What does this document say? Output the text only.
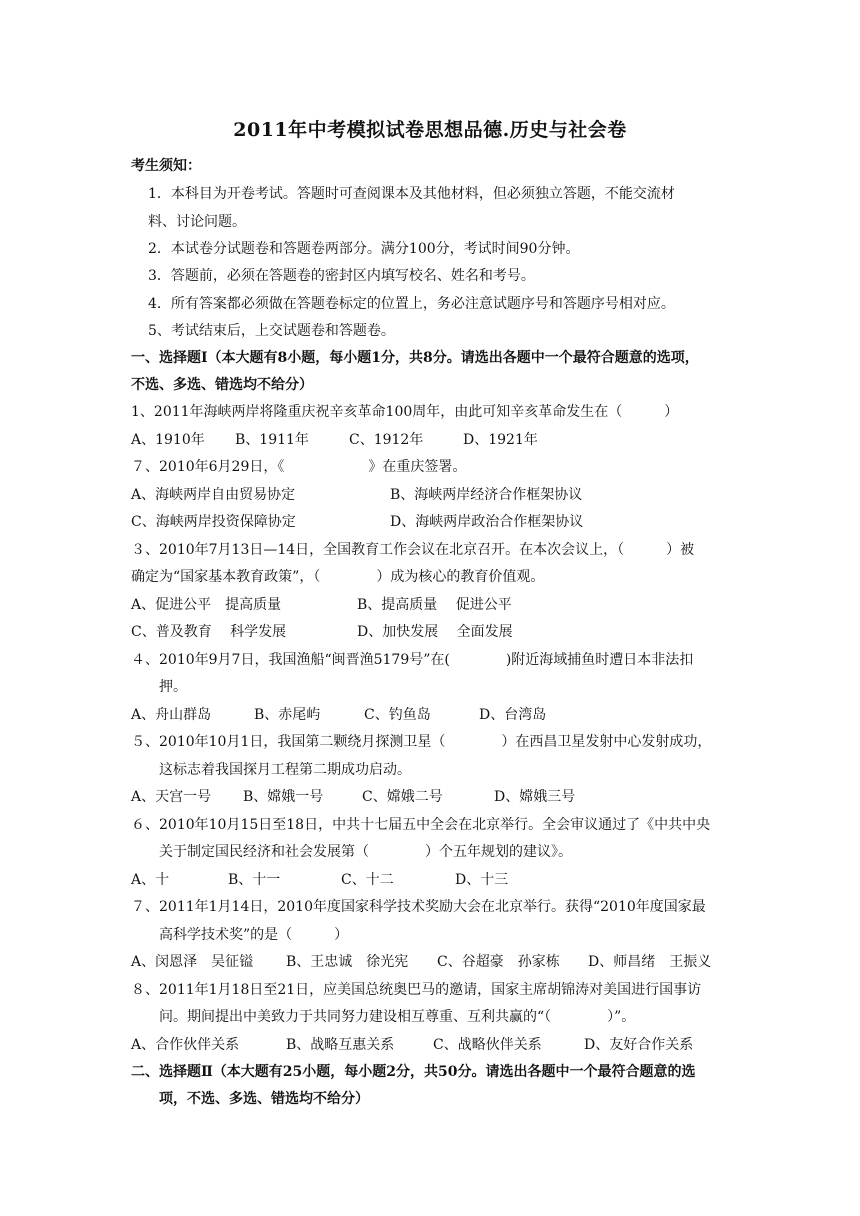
2011年中考模拟试卷思想品德.历史与社会卷
考生须知：
1．本科目为开卷考试。答题时可查阅课本及其他材料，但必须独立答题，不能交流材
料、讨论问题。
2．本试卷分试题卷和答题卷两部分。满分100分，考试时间90分钟。
3．答题前，必须在答题卷的密封区内填写校名、姓名和考号。
4．所有答案都必须做在答题卷标定的位置上，务必注意试题序号和答题序号相对应。
5、考试结束后，上交试题卷和答题卷。
一、选择题Ⅰ（本大题有8小题，每小题1分，共8分。请选出各题中一个最符合题意的选项，
不选、多选、错选均不给分）
1、2011年海峡两岸将隆重庆祝辛亥革命100周年，由此可知辛亥革命发生在（　　　）
A、1910年 B、1911年	C、1912年	D、1921年
７、2010年6月29日，《　　　　　　》在重庆签署。
A、海峡两岸自由贸易协定	B、海峡两岸经济合作框架协议
C、海峡两岸投资保障协定	D、海峡两岸政治合作框架协议
３、2010年7月13日—14日，全国教育工作会议在北京召开。在本次会议上，（　　　）被
确定为“国家基本教育政策”，（　　　　）成为核心的教育价值观。
A、促进公平　提高质量	B、提高质量　 促进公平
C、普及教育　 科学发展	D、加快发展　 全面发展
４、2010年9月7日，我国渔船“闽晋渔5179号”在(　　　　)附近海域捕鱼时遭日本非法扣
押。
A、舟山群岛	B、赤尾屿	C、钓鱼岛	D、台湾岛
５、2010年10月1日，我国第二颗绕月探测卫星（　　　　）在西昌卫星发射中心发射成功，
这标志着我国探月工程第二期成功启动。
A、天宫一号 B、嫦娥一号	C、嫦娥二号	D、嫦娥三号
６、2010年10月15日至18日，中共十七届五中全会在北京举行。全会审议通过了《中共中央
关于制定国民经济和社会发展第（　　　　）个五年规划的建议》。
A、十	B、十一	C、十二	D、十三
７、2011年1月14日，2010年度国家科学技术奖励大会在北京举行。获得“2010年度国家最
高科学技术奖”的是（　　　）
A、闵恩泽　吴征镒 B、王忠诚　徐光宪 C、谷超豪　孙家栋 D、师昌绪　王振义
８、2011年1月18日至21日，应美国总统奥巴马的邀请，国家主席胡锦涛对美国进行国事访
问。期间提出中美致力于共同努力建设相互尊重、互利共赢的“（　　　　）”。
A、合作伙伴关系	B、战略互惠关系	C、战略伙伴关系	D、友好合作关系
二、选择题Ⅱ（本大题有25小题，每小题2分，共50分。请选出各题中一个最符合题意的选
项，不选、多选、错选均不给分）
